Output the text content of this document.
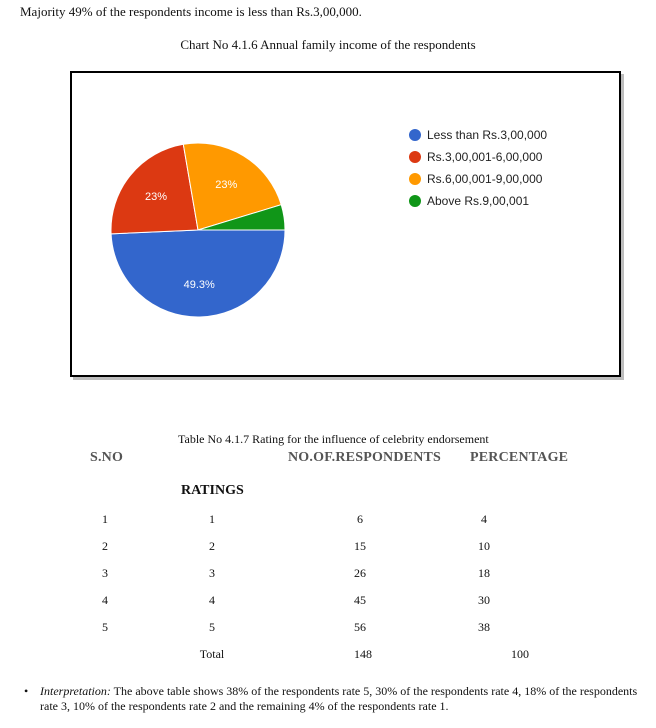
Majority 49% of the respondents income is less than Rs.3,00,000.
Chart No 4.1.6 Annual family income of the respondents
49.3%
23%
23%
Less than Rs.3,00,000
Rs.3,00,001-6,00,000
Rs.6,00,001-9,00,000
Above Rs.9,00,001
Table No 4.1.7 Rating for the influence of celebrity endorsement
S.NO	NO.OF.RESPONDENTS PERCENTAGE
RATINGS
1	1	6	4
2	2	15	10
3	3	26	18
4	4	45	30
5	5	56	38
Total	148	100
• Interpretation: The above table shows 38% of the respondents rate 5, 30% of the respondents rate 4, 18% of the respondents rate 3, 10% of the respondents rate 2 and the remaining 4% of the respondents rate 1.
